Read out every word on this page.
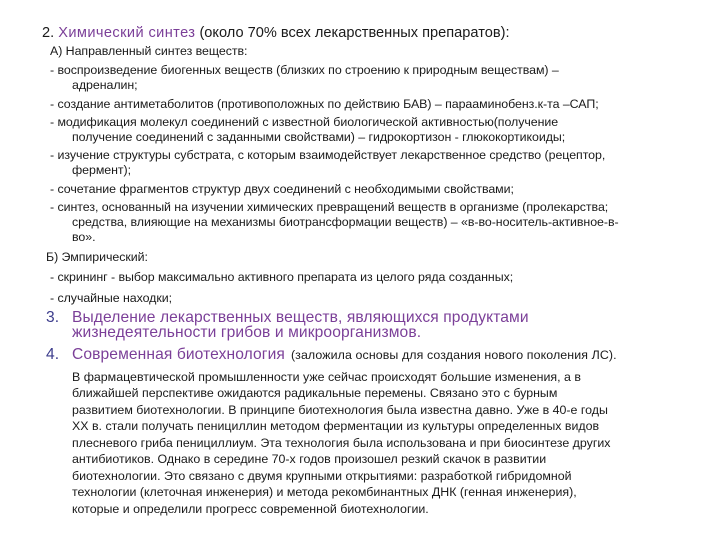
2. Химический синтез (около 70% всех лекарственных препаратов):
А) Направленный синтез веществ:
- воспроизведение биогенных веществ (близких по строению к природным веществам) –
адреналин;
- создание антиметаболитов (противоположных по действию БАВ) – параaминобенз.к-та –САП;
- модификация молекул соединений с известной биологической активностью(получение
получение соединений с заданными свойствами) – гидрокортизон - глюкокортикоиды;
- изучение структуры субстрата, с которым взаимодействует лекарственное средство (рецептор,
фермент);
- сочетание фрагментов структур двух соединений с необходимыми свойствами;
- синтез, основанный на изучении химических превращений веществ в организме (пролекарства;
средства, влияющие на механизмы биотрансформации веществ) – «в-во-носитель-активное-в-
во».
Б) Эмпирический:
- скрининг - выбор максимально активного препарата из целого ряда созданных;
- случайные находки;
3. Выделение лекарственных веществ, являющихся продуктами
жизнедеятельности грибов и микроорганизмов.
4. Современная биотехнология (заложила основы для создания нового поколения ЛС).
В фармацевтической промышленности уже сейчас происходят большие изменения, а в
ближайшей перспективе ожидаются радикальные перемены. Связано это с бурным
развитием биотехнологии. В принципе биотехнология была известна давно. Уже в 40-е годы
XX в. стали получать пенициллин методом ферментации из культуры определенных видов
плесневого гриба пенициллиум. Эта технология была использована и при биосинтезе других
антибиотиков. Однако в середине 70-х годов произошел резкий скачок в развитии
биотехнологии. Это связано с двумя крупными открытиями: разработкой гибридомной
технологии (клеточная инженерия) и метода рекомбинантных ДНК (генная инженерия),
которые и определили прогресс современной биотехнологии.
